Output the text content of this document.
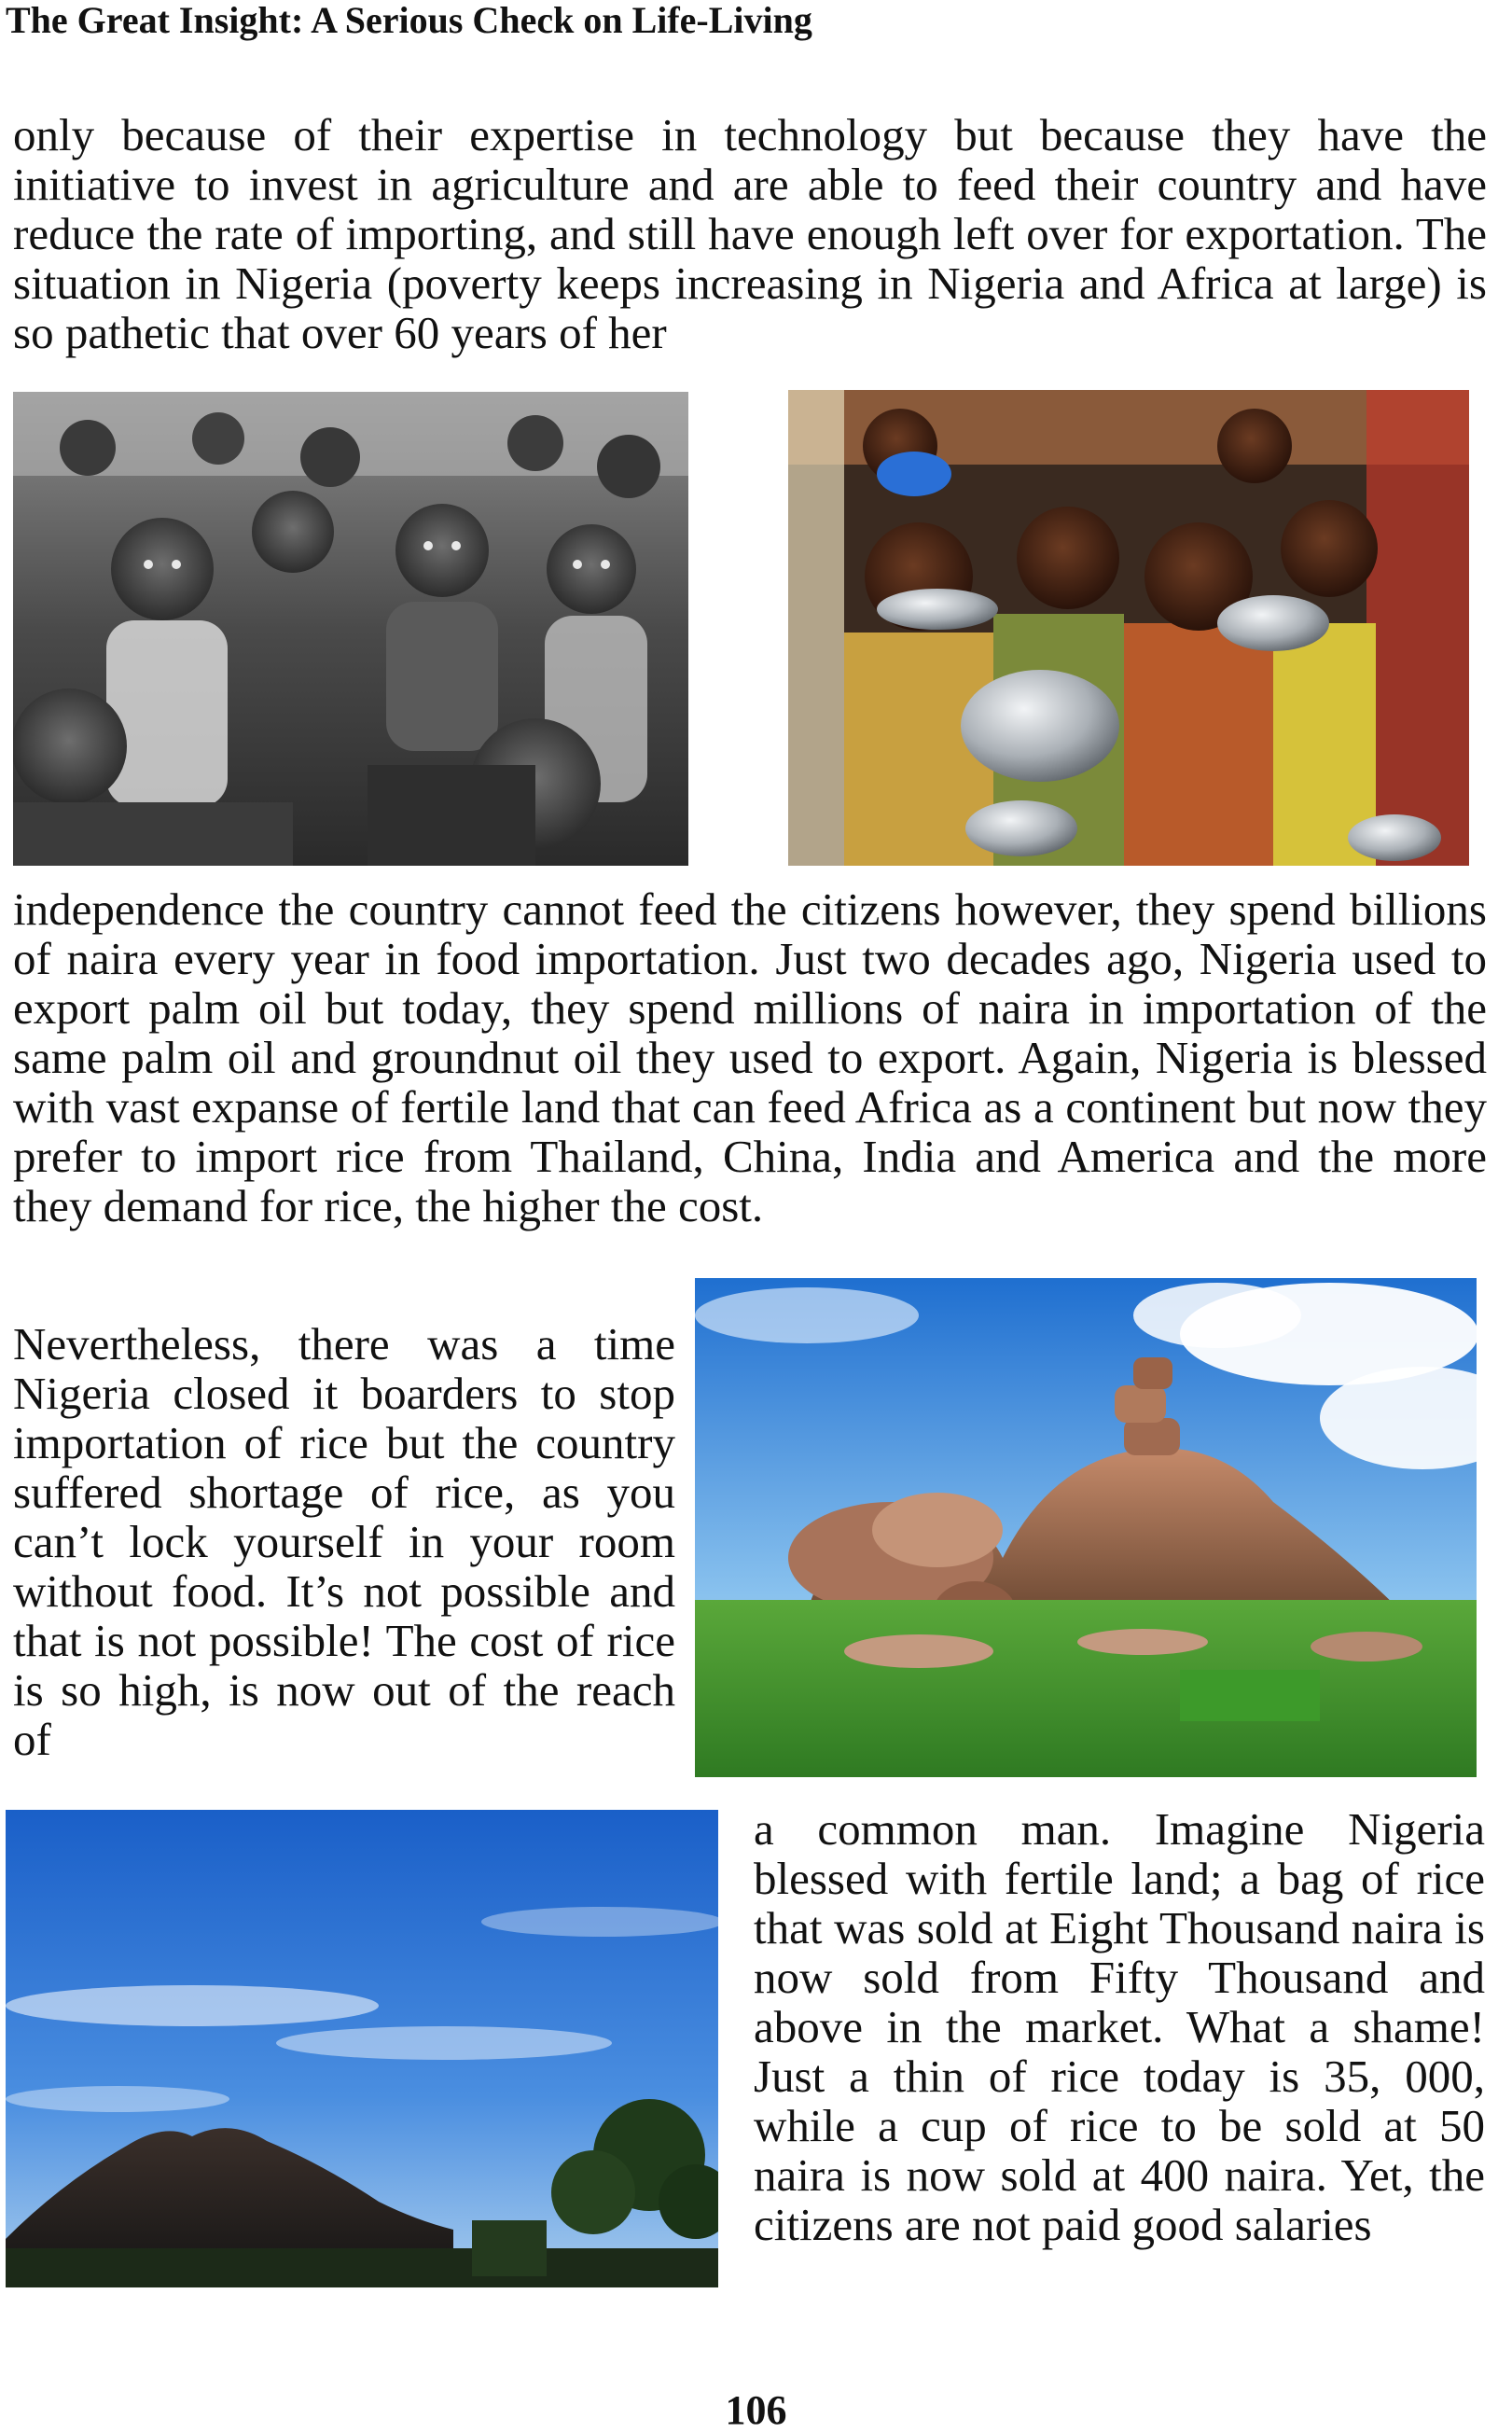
The Great Insight: A Serious Check on Life-Living

only because of their expertise in technology but because they have the initiative to invest in agriculture and are able to feed their country and have reduce the rate of importing, and still have enough left over for exportation. The situation in Nigeria (poverty keeps increasing in Nigeria and Africa at large) is so pathetic that over 60 years of her

independence the country cannot feed the citizens however, they spend billions of naira every year in food importation. Just two decades ago, Nigeria used to export palm oil but today, they spend millions of naira in importation of the same palm oil and groundnut oil they used to export. Again, Nigeria is blessed with vast expanse of fertile land that can feed Africa as a continent but now they prefer to import rice from Thailand, China, India and America and the more they demand for rice, the higher the cost.

Nevertheless, there was a time Nigeria closed it boarders to stop importation of rice but the country suffered shortage of rice, as you can’t lock yourself in your room without food. It’s not possible and that is not possible! The cost of rice is so high, is now out of the reach of

a common man. Imagine Nigeria blessed with fertile land; a bag of rice that was sold at Eight Thousand naira is now sold from Fifty Thousand and above in the market. What a shame! Just a thin of rice today is 35, 000, while a cup of rice to be sold at 50 naira is now sold at 400 naira. Yet, the citizens are not paid good salaries

106
